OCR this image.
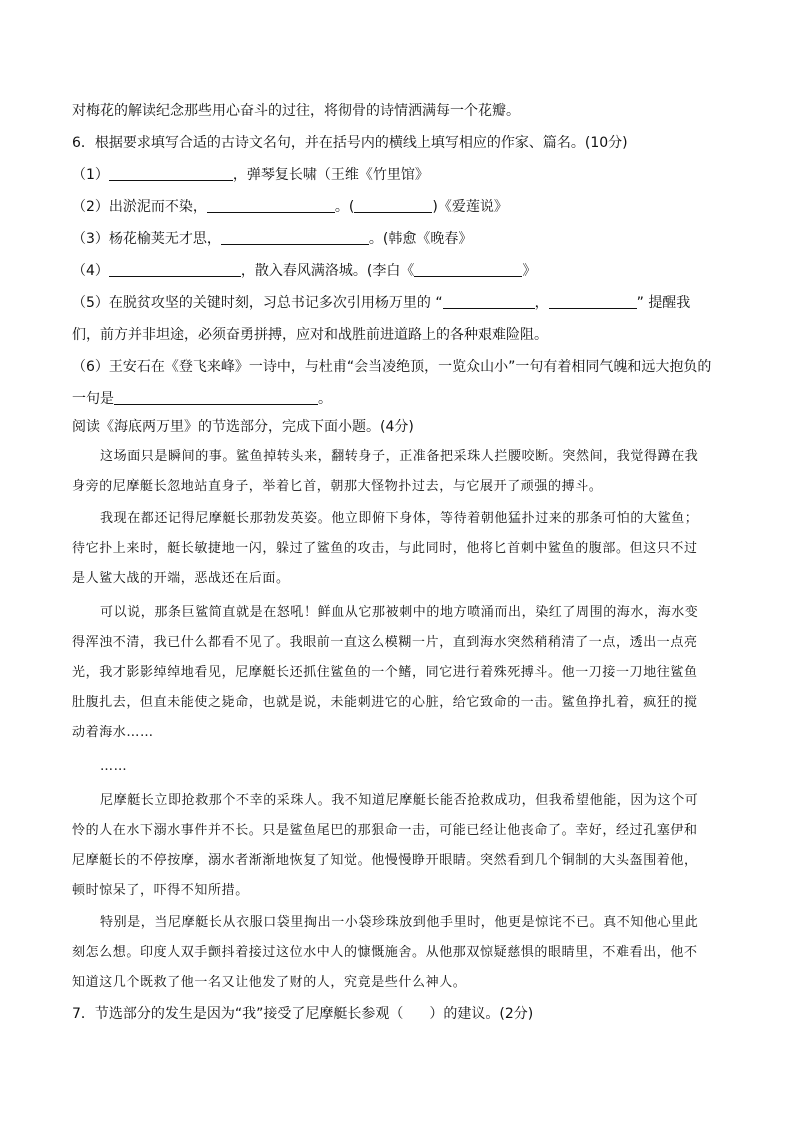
对梅花的解读纪念那些用心奋斗的过往，将彻骨的诗情洒满每一个花瓣。
6．根据要求填写合适的古诗文名句，并在括号内的横线上填写相应的作家、篇名。(10分)
（1）	，弹琴复长啸（王维《竹里馆》
（2）出淤泥而不染，	。(	)《爱莲说》
（3）杨花榆荚无才思，	。(韩愈《晚春》
（4）	，散入春风满洛城。(李白《	》
（5）在脱贫攻坚的关键时刻，习总书记多次引用杨万里的 “	，	” 提醒我
们，前方并非坦途，必须奋勇拼搏，应对和战胜前进道路上的各种艰难险阻。
（6）王安石在《登飞来峰》一诗中，与杜甫“会当凌绝顶，一览众山小”一句有着相同气魄和远大抱负的
一句是	。
阅读《海底两万里》的节选部分，完成下面小题。(4分)
这场面只是瞬间的事。鲨鱼掉转头来，翻转身子，正准备把采珠人拦腰咬断。突然间，我觉得蹲在我
身旁的尼摩艇长忽地站直身子，举着匕首，朝那大怪物扑过去，与它展开了顽强的搏斗。
我现在都还记得尼摩艇长那勃发英姿。他立即俯下身体，等待着朝他猛扑过来的那条可怕的大鲨鱼；
待它扑上来时，艇长敏捷地一闪，躲过了鲨鱼的攻击，与此同时，他将匕首刺中鲨鱼的腹部。但这只不过
是人鲨大战的开端，恶战还在后面。
可以说，那条巨鲨简直就是在怒吼！鲜血从它那被刺中的地方喷涌而出，染红了周围的海水，海水变
得浑浊不清，我已什么都看不见了。我眼前一直这么模糊一片，直到海水突然稍稍清了一点，透出一点亮
光，我才影影绰绰地看见，尼摩艇长还抓住鲨鱼的一个鳍，同它进行着殊死搏斗。他一刀接一刀地往鲨鱼
肚腹扎去，但直未能使之毙命，也就是说，未能刺进它的心脏，给它致命的一击。鲨鱼挣扎着，疯狂的搅
动着海水……
……
尼摩艇长立即抢救那个不幸的采珠人。我不知道尼摩艇长能否抢救成功，但我希望他能，因为这个可
怜的人在水下溺水事件并不长。只是鲨鱼尾巴的那狠命一击，可能已经让他丧命了。幸好，经过孔塞伊和
尼摩艇长的不停按摩，溺水者渐渐地恢复了知觉。他慢慢睁开眼睛。突然看到几个铜制的大头盔围着他，
顿时惊呆了，吓得不知所措。
特别是，当尼摩艇长从衣服口袋里掏出一小袋珍珠放到他手里时，他更是惊诧不已。真不知他心里此
刻怎么想。印度人双手颤抖着接过这位水中人的慷慨施舍。从他那双惊疑慈惧的眼睛里，不难看出，他不
知道这几个既救了他一名又让他发了财的人，究竟是些什么神人。
7．节选部分的发生是因为“我”接受了尼摩艇长参观（ ）的建议。(2分)
